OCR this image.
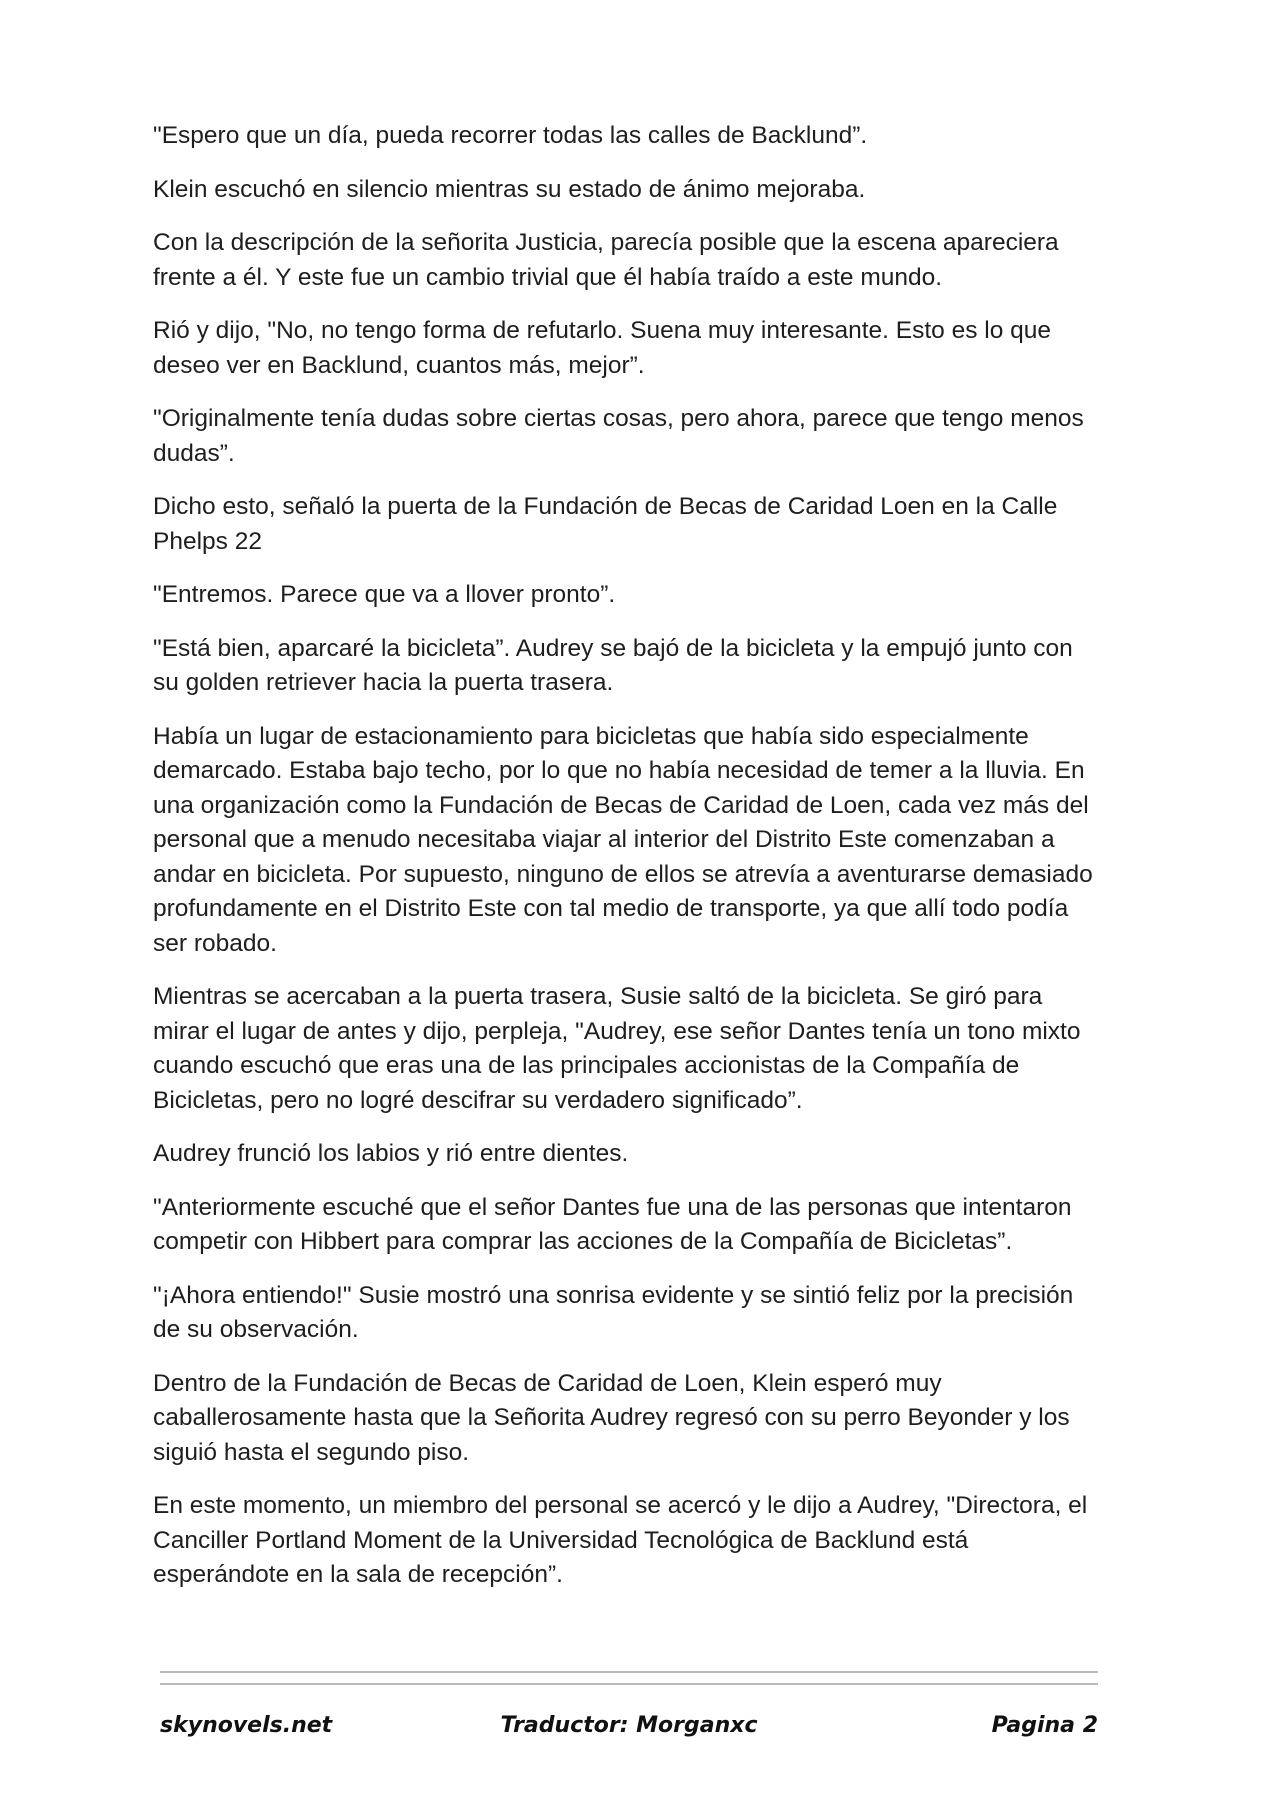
"Espero que un día, pueda recorrer todas las calles de Backlund”.

Klein escuchó en silencio mientras su estado de ánimo mejoraba.

Con la descripción de la señorita Justicia, parecía posible que la escena apareciera frente a él. Y este fue un cambio trivial que él había traído a este mundo.

Rió y dijo, "No, no tengo forma de refutarlo. Suena muy interesante. Esto es lo que deseo ver en Backlund, cuantos más, mejor”.

"Originalmente tenía dudas sobre ciertas cosas, pero ahora, parece que tengo menos dudas”.

Dicho esto, señaló la puerta de la Fundación de Becas de Caridad Loen en la Calle Phelps 22

"Entremos. Parece que va a llover pronto”.

"Está bien, aparcaré la bicicleta”. Audrey se bajó de la bicicleta y la empujó junto con su golden retriever hacia la puerta trasera.

Había un lugar de estacionamiento para bicicletas que había sido especialmente demarcado. Estaba bajo techo, por lo que no había necesidad de temer a la lluvia. En una organización como la Fundación de Becas de Caridad de Loen, cada vez más del personal que a menudo necesitaba viajar al interior del Distrito Este comenzaban a andar en bicicleta. Por supuesto, ninguno de ellos se atrevía a aventurarse demasiado profundamente en el Distrito Este con tal medio de transporte, ya que allí todo podía ser robado.

Mientras se acercaban a la puerta trasera, Susie saltó de la bicicleta. Se giró para mirar el lugar de antes y dijo, perpleja, "Audrey, ese señor Dantes tenía un tono mixto cuando escuchó que eras una de las principales accionistas de la Compañía de Bicicletas, pero no logré descifrar su verdadero significado”.

Audrey frunció los labios y rió entre dientes.

"Anteriormente escuché que el señor Dantes fue una de las personas que intentaron competir con Hibbert para comprar las acciones de la Compañía de Bicicletas”.

"¡Ahora entiendo!" Susie mostró una sonrisa evidente y se sintió feliz por la precisión de su observación.

Dentro de la Fundación de Becas de Caridad de Loen, Klein esperó muy caballerosamente hasta que la Señorita Audrey regresó con su perro Beyonder y los siguió hasta el segundo piso.

En este momento, un miembro del personal se acercó y le dijo a Audrey, "Directora, el Canciller Portland Moment de la Universidad Tecnológica de Backlund está esperándote en la sala de recepción”.

skynovels.net	Traductor: Morganxc	Pagina 2
